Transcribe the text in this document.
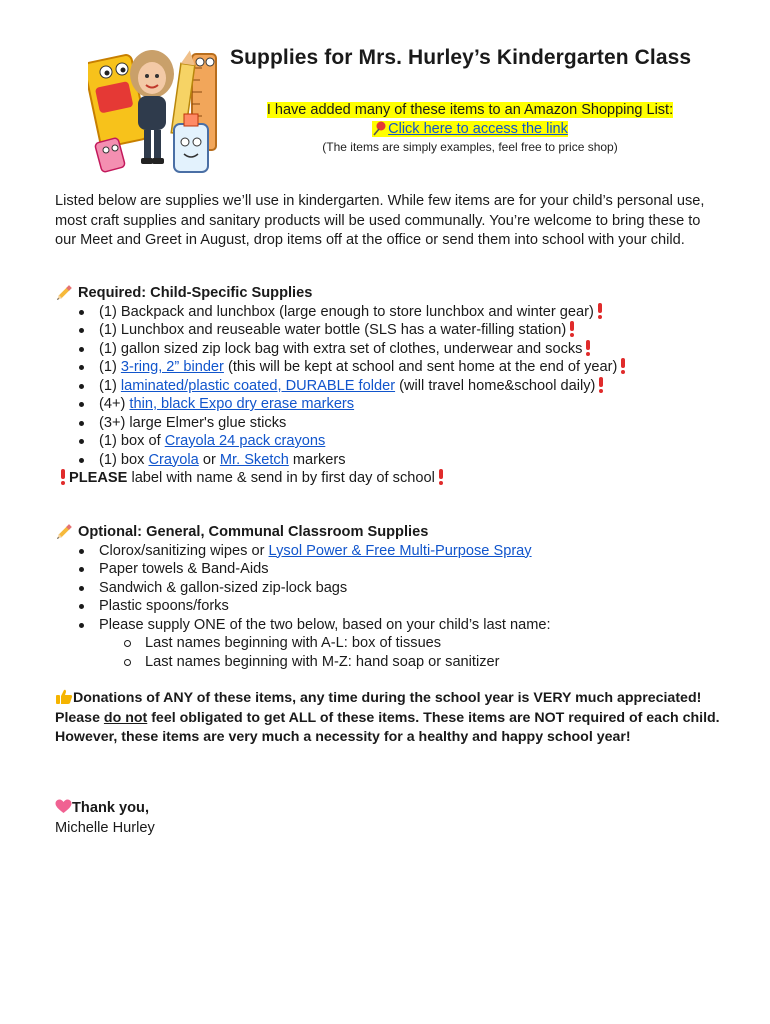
Supplies for Mrs. Hurley’s Kindergarten Class
I have added many of these items to an Amazon Shopping List:
Click here to access the link
(The items are simply examples, feel free to price shop)

Listed below are supplies we’ll use in kindergarten. While few items are for your child’s personal use, most craft supplies and sanitary products will be used communally. You’re welcome to bring these to our Meet and Greet in August, drop items off at the office or send them into school with your child.

Required: Child-Specific Supplies
(1) Backpack and lunchbox (large enough to store lunchbox and winter gear)
(1) Lunchbox and reuseable water bottle (SLS has a water-filling station)
(1) gallon sized zip lock bag with extra set of clothes, underwear and socks
(1) 3-ring, 2” binder (this will be kept at school and sent home at the end of year)
(1) laminated/plastic coated, DURABLE folder (will travel home&school daily)
(4+) thin, black Expo dry erase markers
(3+) large Elmer's glue sticks
(1) box of Crayola 24 pack crayons
(1) box Crayola or Mr. Sketch markers
PLEASE label with name & send in by first day of school
Optional: General, Communal Classroom Supplies
Clorox/sanitizing wipes or Lysol Power & Free Multi-Purpose Spray
Paper towels & Band-Aids
Sandwich & gallon-sized zip-lock bags
Plastic spoons/forks
Please supply ONE of the two below, based on your child’s last name:
Last names beginning with A-L: box of tissues
Last names beginning with M-Z: hand soap or sanitizer

Donations of ANY of these items, any time during the school year is VERY much appreciated! Please do not feel obligated to get ALL of these items. These items are NOT required of each child. However, these items are very much a necessity for a healthy and happy school year!

Thank you,
Michelle Hurley
